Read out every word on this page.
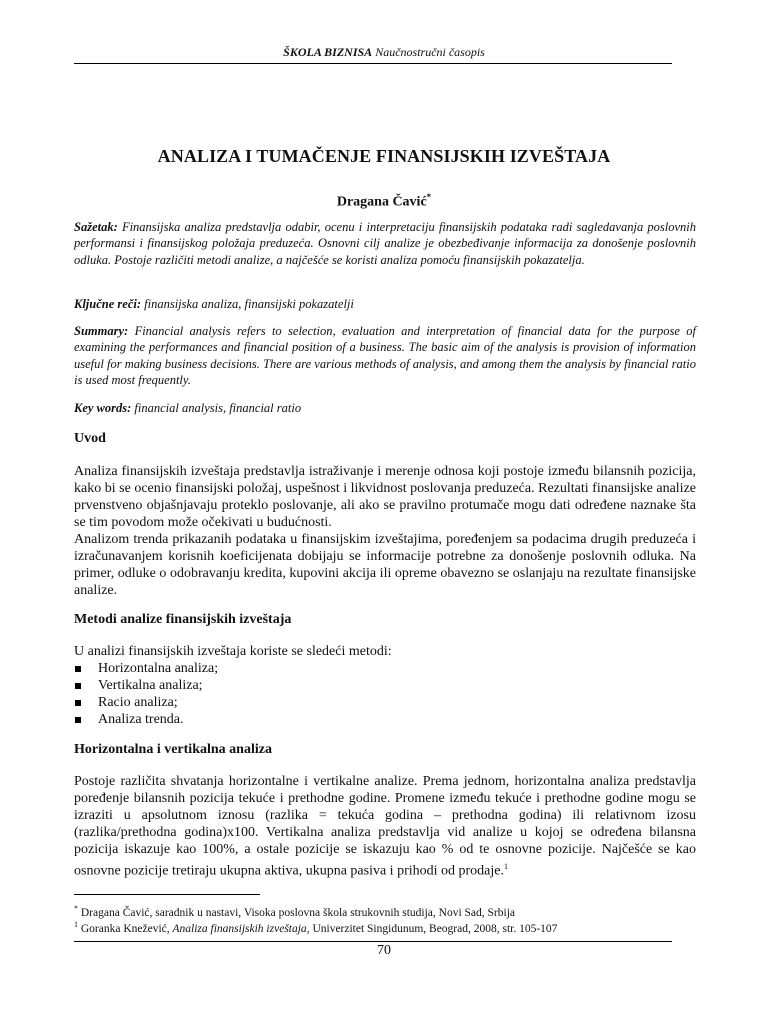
ŠKOLA BIZNISA Naučnostručni časopis
ANALIZA I TUMAČENJE FINANSIJSKIH IZVEŠTAJA
Dragana Čavić*

Sažetak: Finansijska analiza predstavlja odabir, ocenu i interpretaciju finansijskih podataka radi sagledavanja poslovnih performansi i finansijskog položaja preduzeća. Osnovni cilj analize je obezbeđivanje informacija za donošenje poslovnih odluka. Postoje različiti metodi analize, a najčešće se koristi analiza pomoću finansijskih pokazatelja.

Ključne reči: finansijska analiza, finansijski pokazatelji

Summary: Financial analysis refers to selection, evaluation and interpretation of financial data for the purpose of examining the performances and financial position of a business. The basic aim of the analysis is provision of information useful for making business decisions. There are various methods of analysis, and among them the analysis by financial ratio is used most frequently.

Key words: financial analysis, financial ratio

Uvod

Analiza finansijskih izveštaja predstavlja istraživanje i merenje odnosa koji postoje između bilansnih pozicija, kako bi se ocenio finansijski položaj, uspešnost i likvidnost poslovanja preduzeća. Rezultati finansijske analize prvenstveno objašnjavaju proteklo poslovanje, ali ako se pravilno protumače mogu dati određene naznake šta se tim povodom može očekivati u budućnosti.

Analizom trenda prikazanih podataka u finansijskim izveštajima, poređenjem sa podacima drugih preduzeća i izračunavanjem korisnih koeficijenata dobijaju se informacije potrebne za donošenje poslovnih odluka. Na primer, odluke o odobravanju kredita, kupovini akcija ili opreme obavezno se oslanjaju na rezultate finansijske analize.

Metodi analize finansijskih izveštaja

U analizi finansijskih izveštaja koriste se sledeći metodi:

Horizontalna analiza;
Vertikalna analiza;
Racio analiza;
Analiza trenda.

Horizontalna i vertikalna analiza

Postoje različita shvatanja horizontalne i vertikalne analize. Prema jednom, horizontalna analiza predstavlja poređenje bilansnih pozicija tekuće i prethodne godine. Promene između tekuće i prethodne godine mogu se izraziti u apsolutnom iznosu (razlika = tekuća godina – prethodna godina) ili relativnom izosu (razlika/prethodna godina)x100. Vertikalna analiza predstavlja vid analize u kojoj se određena bilansna pozicija iskazuje kao 100%, a ostale pozicije se iskazuju kao % od te osnovne pozicije. Najčešće se kao osnovne pozicije tretiraju ukupna aktiva, ukupna pasiva i prihodi od prodaje.$^1$

* Dragana Čavić, saradnik u nastavi, Visoka poslovna škola strukovnih studija, Novi Sad, Srbija

$^1$ Goranka Knežević, Analiza finansijskih izveštaja, Univerzitet Singidunum, Beograd, 2008, str. 105-107

70
